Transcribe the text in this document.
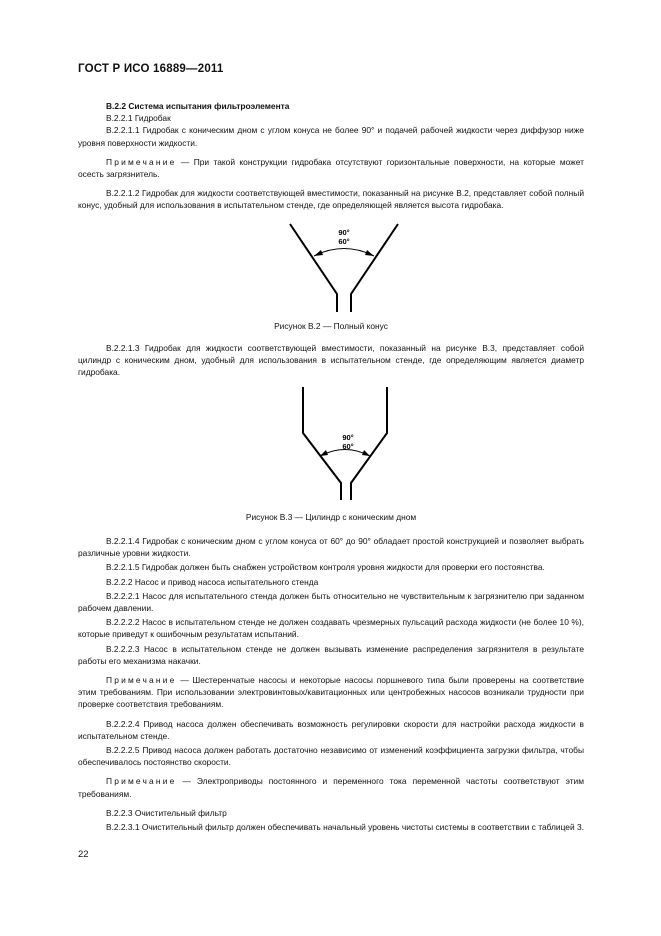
ГОСТ Р ИСО 16889—2011

B.2.2 Система испытания фильтроэлемента

B.2.2.1 Гидробак

B.2.2.1.1 Гидробак с коническим дном с углом конуса не более 90° и подачей рабочей жидкости через диффузор ниже уровня поверхности жидкости.

Примечание — При такой конструкции гидробака отсутствуют горизонтальные поверхности, на которые может осесть загрязнитель.

B.2.2.1.2 Гидробак для жидкости соответствующей вместимости, показанный на рисунке B.2, представляет собой полный конус, удобный для использования в испытательном стенде, где определяющей является высота гидробака.

90°
60°
Рисунок B.2 — Полный конус

B.2.2.1.3 Гидробак для жидкости соответствующей вместимости, показанный на рисунке B.3, представляет собой цилиндр с коническим дном, удобный для использования в испытательном стенде, где определяющим является диаметр гидробака.

90°
60°
Рисунок B.3 — Цилиндр с коническим дном

B.2.2.1.4 Гидробак с коническим дном с углом конуса от 60° до 90° обладает простой конструкцией и позволяет выбрать различные уровни жидкости.

B.2.2.1.5 Гидробак должен быть снабжен устройством контроля уровня жидкости для проверки его постоянства.

B.2.2.2 Насос и привод насоса испытательного стенда

B.2.2.2.1 Насос для испытательного стенда должен быть относительно не чувствительным к загрязнителю при заданном рабочем давлении.

B.2.2.2.2 Насос в испытательном стенде не должен создавать чрезмерных пульсаций расхода жидкости (не более 10 %), которые приведут к ошибочным результатам испытаний.

B.2.2.2.3 Насос в испытательном стенде не должен вызывать изменение распределения загрязнителя в результате работы его механизма накачки.

Примечание — Шестеренчатые насосы и некоторые насосы поршневого типа были проверены на соответствие этим требованиям. При использовании электровинтовых/кавитационных или центробежных насосов возникали трудности при проверке соответствия требованиям.

B.2.2.2.4 Привод насоса должен обеспечивать возможность регулировки скорости для настройки расхода жидкости в испытательном стенде.

B.2.2.2.5 Привод насоса должен работать достаточно независимо от изменений коэффициента загрузки фильтра, чтобы обеспечивалось постоянство скорости.

Примечание — Электроприводы постоянного и переменного тока переменной частоты соответствуют этим требованиям.

B.2.2.3 Очистительный фильтр

B.2.2.3.1 Очистительный фильтр должен обеспечивать начальный уровень чистоты системы в соответствии с таблицей 3.

22
